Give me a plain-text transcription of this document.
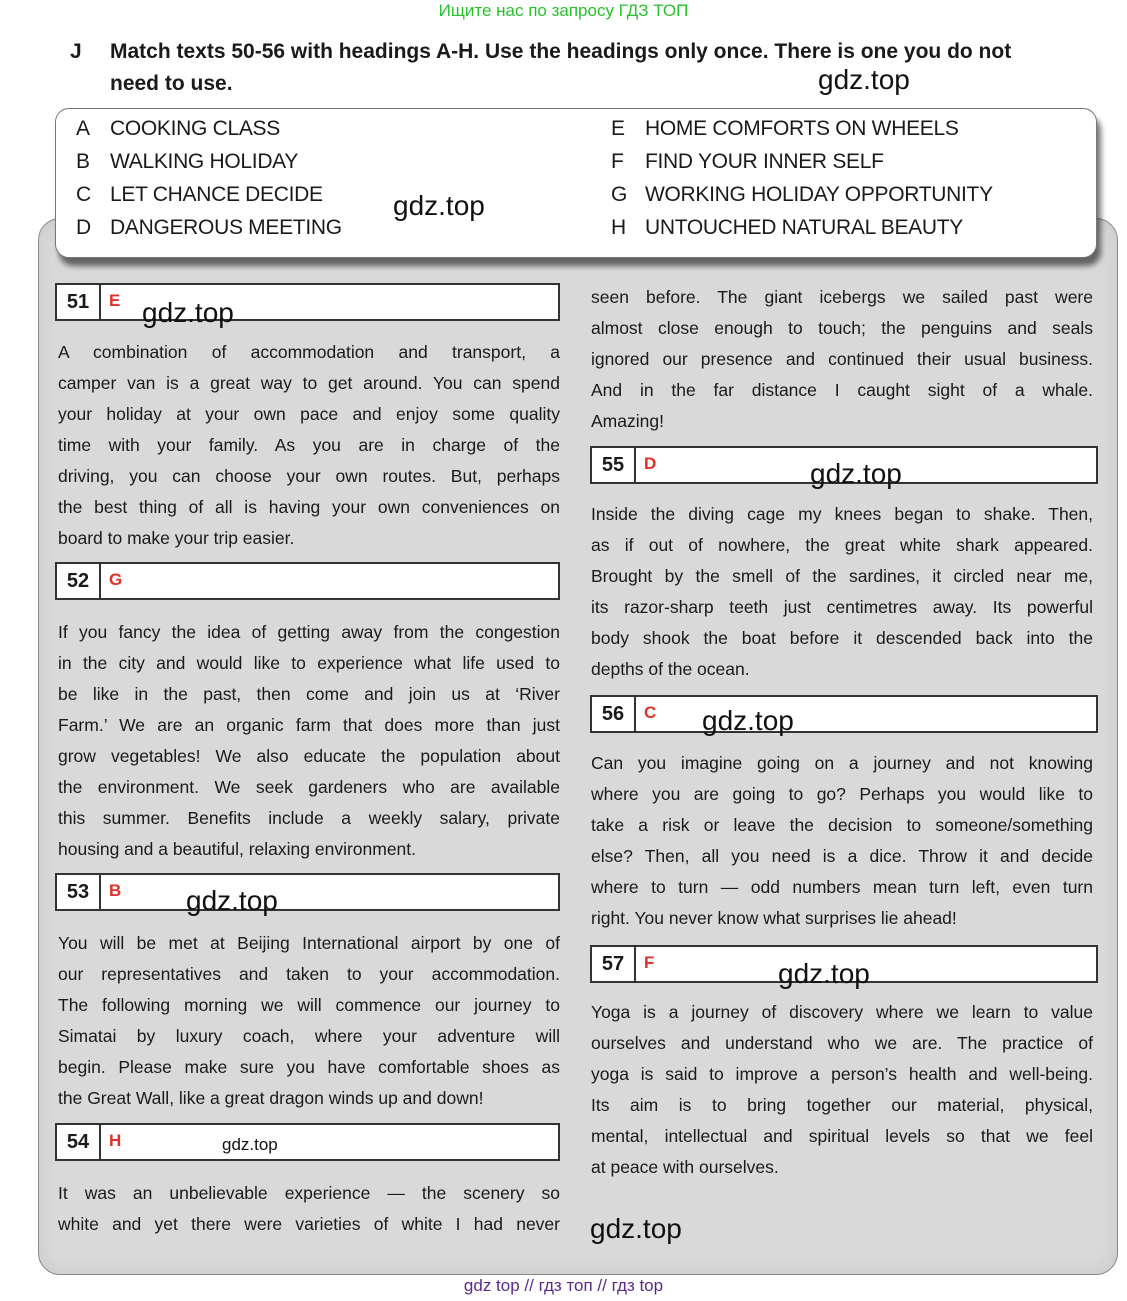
Ищите нас по запросу ГДЗ ТОП
J Match texts 50-56 with headings A-H. Use the headings only once. There is one you do not need to use.
A COOKING CLASS
B WALKING HOLIDAY
C LET CHANCE DECIDE
D DANGEROUS MEETING
E HOME COMFORTS ON WHEELS
F FIND YOUR INNER SELF
G WORKING HOLIDAY OPPORTUNITY
H UNTOUCHED NATURAL BEAUTY
51	E
52	G
53	B
54	H
55	D
56	C
57	F
A combination of accommodation and transport, a
camper van is a great way to get around. You can spend
your holiday at your own pace and enjoy some quality
time with your family. As you are in charge of the
driving, you can choose your own routes. But, perhaps
the best thing of all is having your own conveniences on
board to make your trip easier.
If you fancy the idea of getting away from the congestion
in the city and would like to experience what life used to
be like in the past, then come and join us at ‘River
Farm.’ We are an organic farm that does more than just
grow vegetables! We also educate the population about
the environment. We seek gardeners who are available
this summer. Benefits include a weekly salary, private
housing and a beautiful, relaxing environment.
You will be met at Beijing International airport by one of
our representatives and taken to your accommodation.
The following morning we will commence our journey to
Simatai by luxury coach, where your adventure will
begin. Please make sure you have comfortable shoes as
the Great Wall, like a great dragon winds up and down!
It was an unbelievable experience — the scenery so
white and yet there were varieties of white I had never
seen before. The giant icebergs we sailed past were
almost close enough to touch; the penguins and seals
ignored our presence and continued their usual business.
And in the far distance I caught sight of a whale.
Amazing!
Inside the diving cage my knees began to shake. Then,
as if out of nowhere, the great white shark appeared.
Brought by the smell of the sardines, it circled near me,
its razor-sharp teeth just centimetres away. Its powerful
body shook the boat before it descended back into the
depths of the ocean.
Can you imagine going on a journey and not knowing
where you are going to go? Perhaps you would like to
take a risk or leave the decision to someone/something
else? Then, all you need is a dice. Throw it and decide
where to turn — odd numbers mean turn left, even turn
right. You never know what surprises lie ahead!
Yoga is a journey of discovery where we learn to value
ourselves and understand who we are. The practice of
yoga is said to improve a person’s health and well-being.
Its aim is to bring together our material, physical,
mental, intellectual and spiritual levels so that we feel
at peace with ourselves.
gdz.top
gdz.top
gdz.top
gdz.top
gdz.top
gdz.top
gdz.top
gdz.top
gdz.top
gdz top // гдз топ // гдз top
